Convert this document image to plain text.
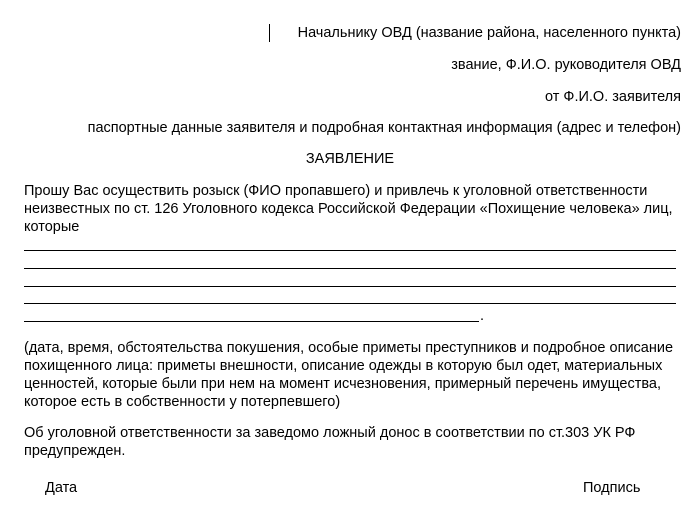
Начальнику ОВД (название района, населенного пункта)
звание, Ф.И.О. руководителя ОВД
от Ф.И.О. заявителя
паспортные данные заявителя и подробная контактная информация (адрес и телефон)
ЗАЯВЛЕНИЕ
Прошу Вас осуществить розыск (ФИО пропавшего) и привлечь к уголовной ответственности неизвестных по ст. 126 Уголовного кодекса Российской Федерации «Похищение человека» лиц, которые
.
(дата, время, обстоятельства покушения, особые приметы преступников и подробное описание похищенного лица: приметы внешности, описание одежды в которую был одет, материальных ценностей, которые были при нем на момент исчезновения, примерный перечень имущества, которое есть в собственности у потерпевшего)
Об уголовной ответственности за заведомо ложный донос в соответствии по ст.303 УК РФ предупрежден.
Дата	Подпись
